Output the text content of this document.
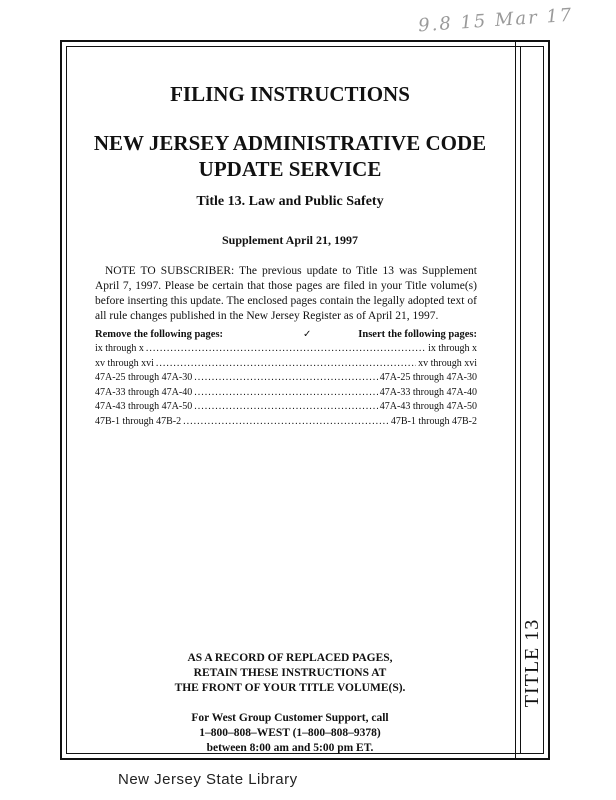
9.8 15 Mar 17
TITLE 13
FILING INSTRUCTIONS
NEW JERSEY ADMINISTRATIVE CODE
UPDATE SERVICE
Title 13. Law and Public Safety
Supplement April 21, 1997
NOTE TO SUBSCRIBER: The previous update to Title 13 was Supplement April 7, 1997. Please be certain that those pages are filed in your Title volume(s) before inserting this update. The enclosed pages contain the legally adopted text of all rule changes published in the New Jersey Register as of April 21, 1997.
Remove the following pages:	✓	Insert the following pages:
ix through x .....	ix through x
xv through xvi .....	xv through xvi
47A-25 through 47A-30 .....	47A-25 through 47A-30
47A-33 through 47A-40 .....	47A-33 through 47A-40
47A-43 through 47A-50 .....	47A-43 through 47A-50
47B-1 through 47B-2 .....	47B-1 through 47B-2
AS A RECORD OF REPLACED PAGES,
RETAIN THESE INSTRUCTIONS AT
THE FRONT OF YOUR TITLE VOLUME(S).
For West Group Customer Support, call
1–800–808–WEST (1–800–808–9378)
between 8:00 am and 5:00 pm ET.
New Jersey State Library
